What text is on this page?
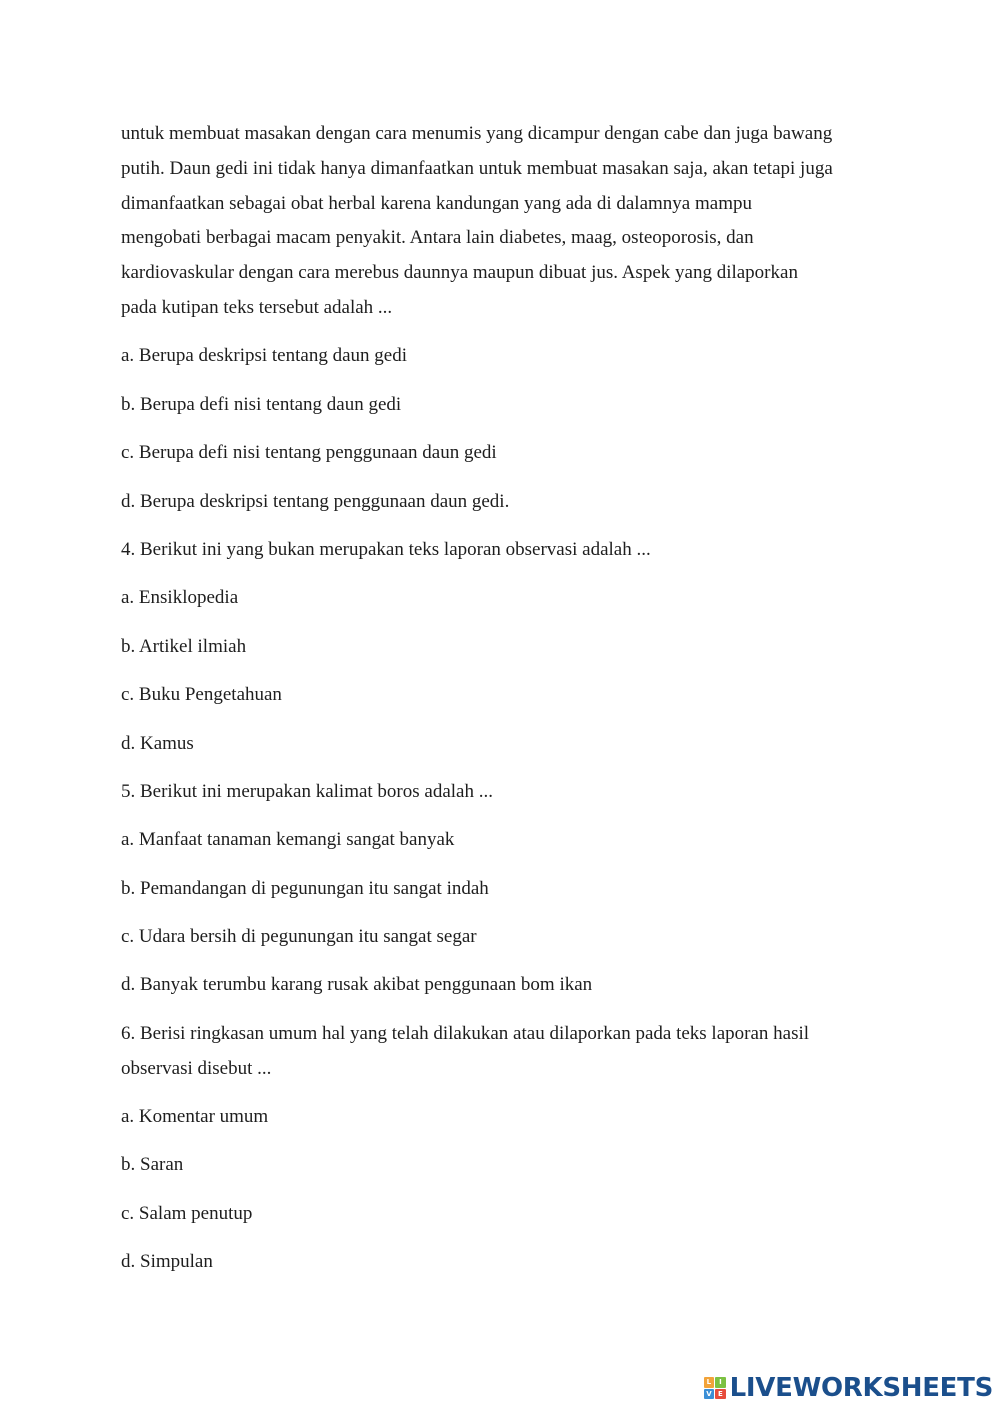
untuk membuat masakan dengan cara menumis yang dicampur dengan cabe dan juga bawang
putih. Daun gedi ini tidak hanya dimanfaatkan untuk membuat masakan saja, akan tetapi juga
dimanfaatkan sebagai obat herbal karena kandungan yang ada di dalamnya mampu
mengobati berbagai macam penyakit. Antara lain diabetes, maag, osteoporosis, dan
kardiovaskular dengan cara merebus daunnya maupun dibuat jus. Aspek yang dilaporkan
pada kutipan teks tersebut adalah ...

a. Berupa deskripsi tentang daun gedi

b. Berupa defi nisi tentang daun gedi

c. Berupa defi nisi tentang penggunaan daun gedi

d. Berupa deskripsi tentang penggunaan daun gedi.

4. Berikut ini yang bukan merupakan teks laporan observasi adalah ...

a. Ensiklopedia

b. Artikel ilmiah

c. Buku Pengetahuan

d. Kamus

5. Berikut ini merupakan kalimat boros adalah ...

a. Manfaat tanaman kemangi sangat banyak

b. Pemandangan di pegunungan itu sangat indah

c. Udara bersih di pegunungan itu sangat segar

d. Banyak terumbu karang rusak akibat penggunaan bom ikan

6. Berisi ringkasan umum hal yang telah dilakukan atau dilaporkan pada teks laporan hasil
observasi disebut ...

a. Komentar umum

b. Saran

c. Salam penutup

d. Simpulan

L	I
V E LIVEWORKSHEETS
